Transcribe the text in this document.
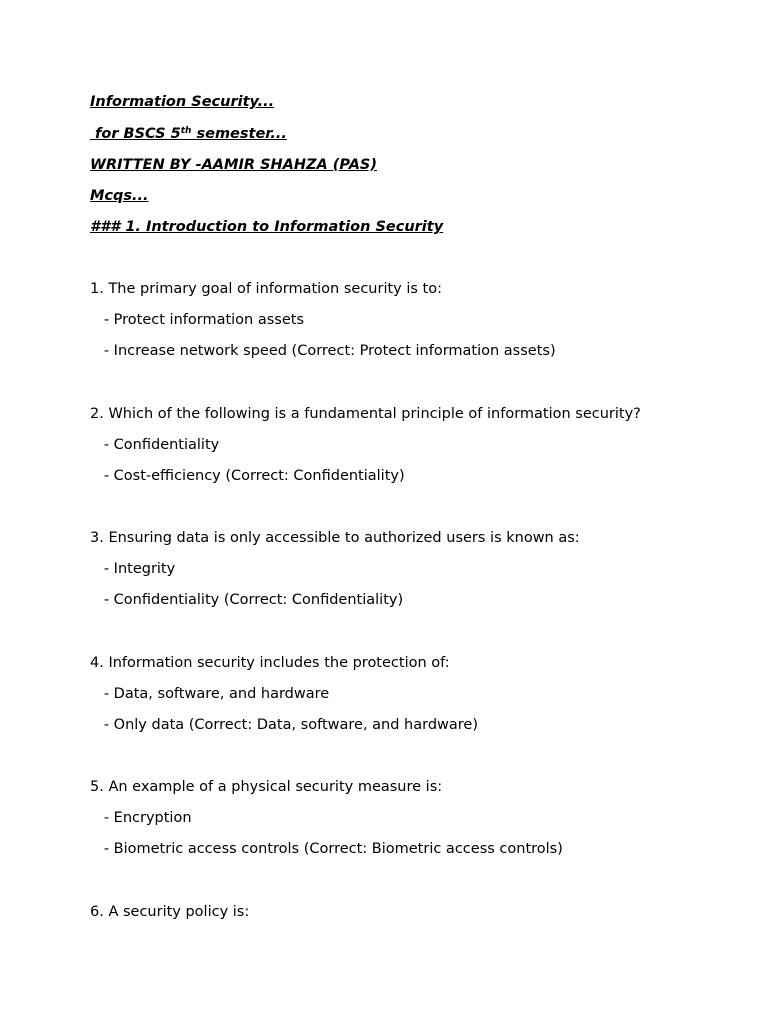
Information Security...
for BSCS 5th semester...
WRITTEN BY -AAMIR SHAHZA (PAS)
Mcqs...
### 1. Introduction to Information Security
1. The primary goal of information security is to:
- Protect information assets
- Increase network speed (Correct: Protect information assets)
2. Which of the following is a fundamental principle of information security?
- Confidentiality
- Cost-efficiency (Correct: Confidentiality)
3. Ensuring data is only accessible to authorized users is known as:
- Integrity
- Confidentiality (Correct: Confidentiality)
4. Information security includes the protection of:
- Data, software, and hardware
- Only data (Correct: Data, software, and hardware)
5. An example of a physical security measure is:
- Encryption
- Biometric access controls (Correct: Biometric access controls)
6. A security policy is:
